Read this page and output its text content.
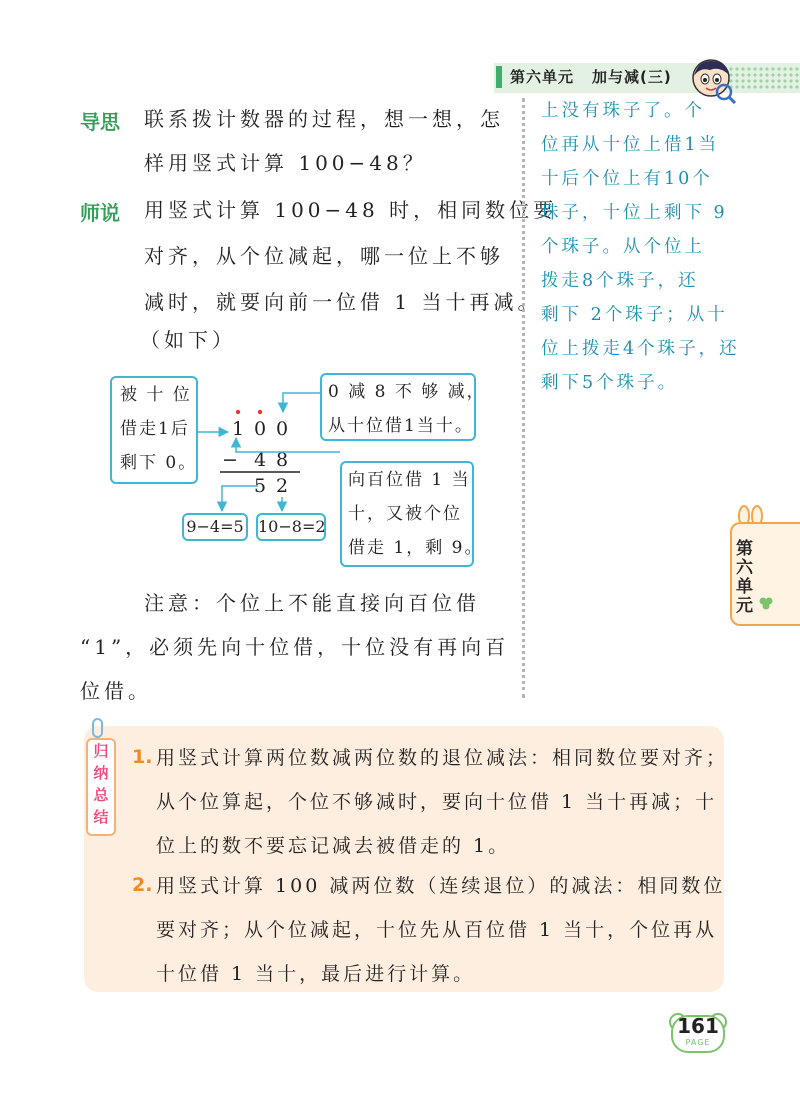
第六单元 加与减(三)
导思 联系拨计数器的过程，想一想，怎
样用竖式计算 100−48？
师说 用竖式计算 100−48 时，相同数位要
对齐，从个位减起，哪一位上不够
减时，就要向前一位借 1 当十再减。
（如下）
被 十 位
借走1后
剩下 0。
0 减 8 不 够 减，
从十位借1当十。
向百位借 1 当
十，又被个位
借走 1，剩 9。
1 0 0
− 4 8
5 2
9−4=5 10−8=2
注意：个位上不能直接向百位借
“1”，必须先向十位借，十位没有再向百
位借。
上没有珠子了。个
位再从十位上借1当
十后个位上有10个
珠子，十位上剩下 9
个珠子。从个位上
拨走8个珠子，还
剩下 2个珠子；从十
位上拨走4个珠子，还
剩下5个珠子。
第六单元
归
纳
总
结
1. 用竖式计算两位数减两位数的退位减法：相同数位要对齐；
从个位算起，个位不够减时，要向十位借 1 当十再减；十
位上的数不要忘记减去被借走的 1。
2. 用竖式计算 100 减两位数（连续退位）的减法：相同数位
要对齐；从个位减起，十位先从百位借 1 当十，个位再从
十位借 1 当十，最后进行计算。
161
PAGE
